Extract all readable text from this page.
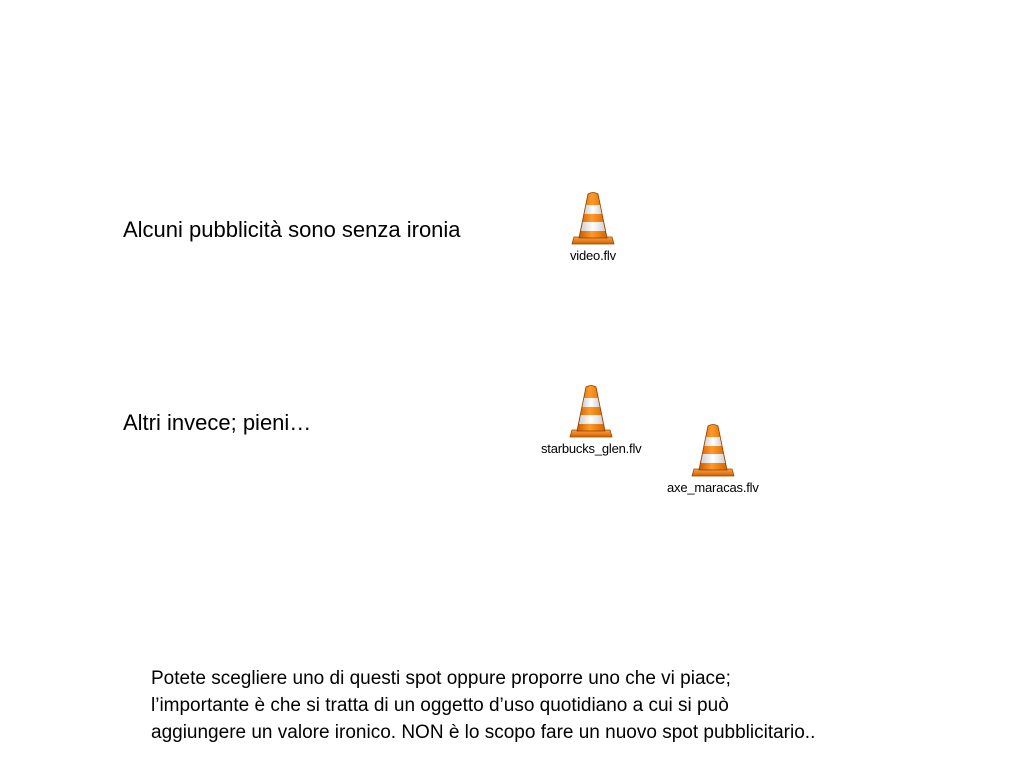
Alcuni pubblicità sono senza ironia
video.flv
Altri invece; pieni…
starbucks_glen.flv
axe_maracas.flv
Potete scegliere uno di questi spot oppure proporre uno che vi piace;
l’importante è che si tratta di un oggetto d’uso quotidiano a cui si può
aggiungere un valore ironico. NON è lo scopo fare un nuovo spot pubblicitario..
